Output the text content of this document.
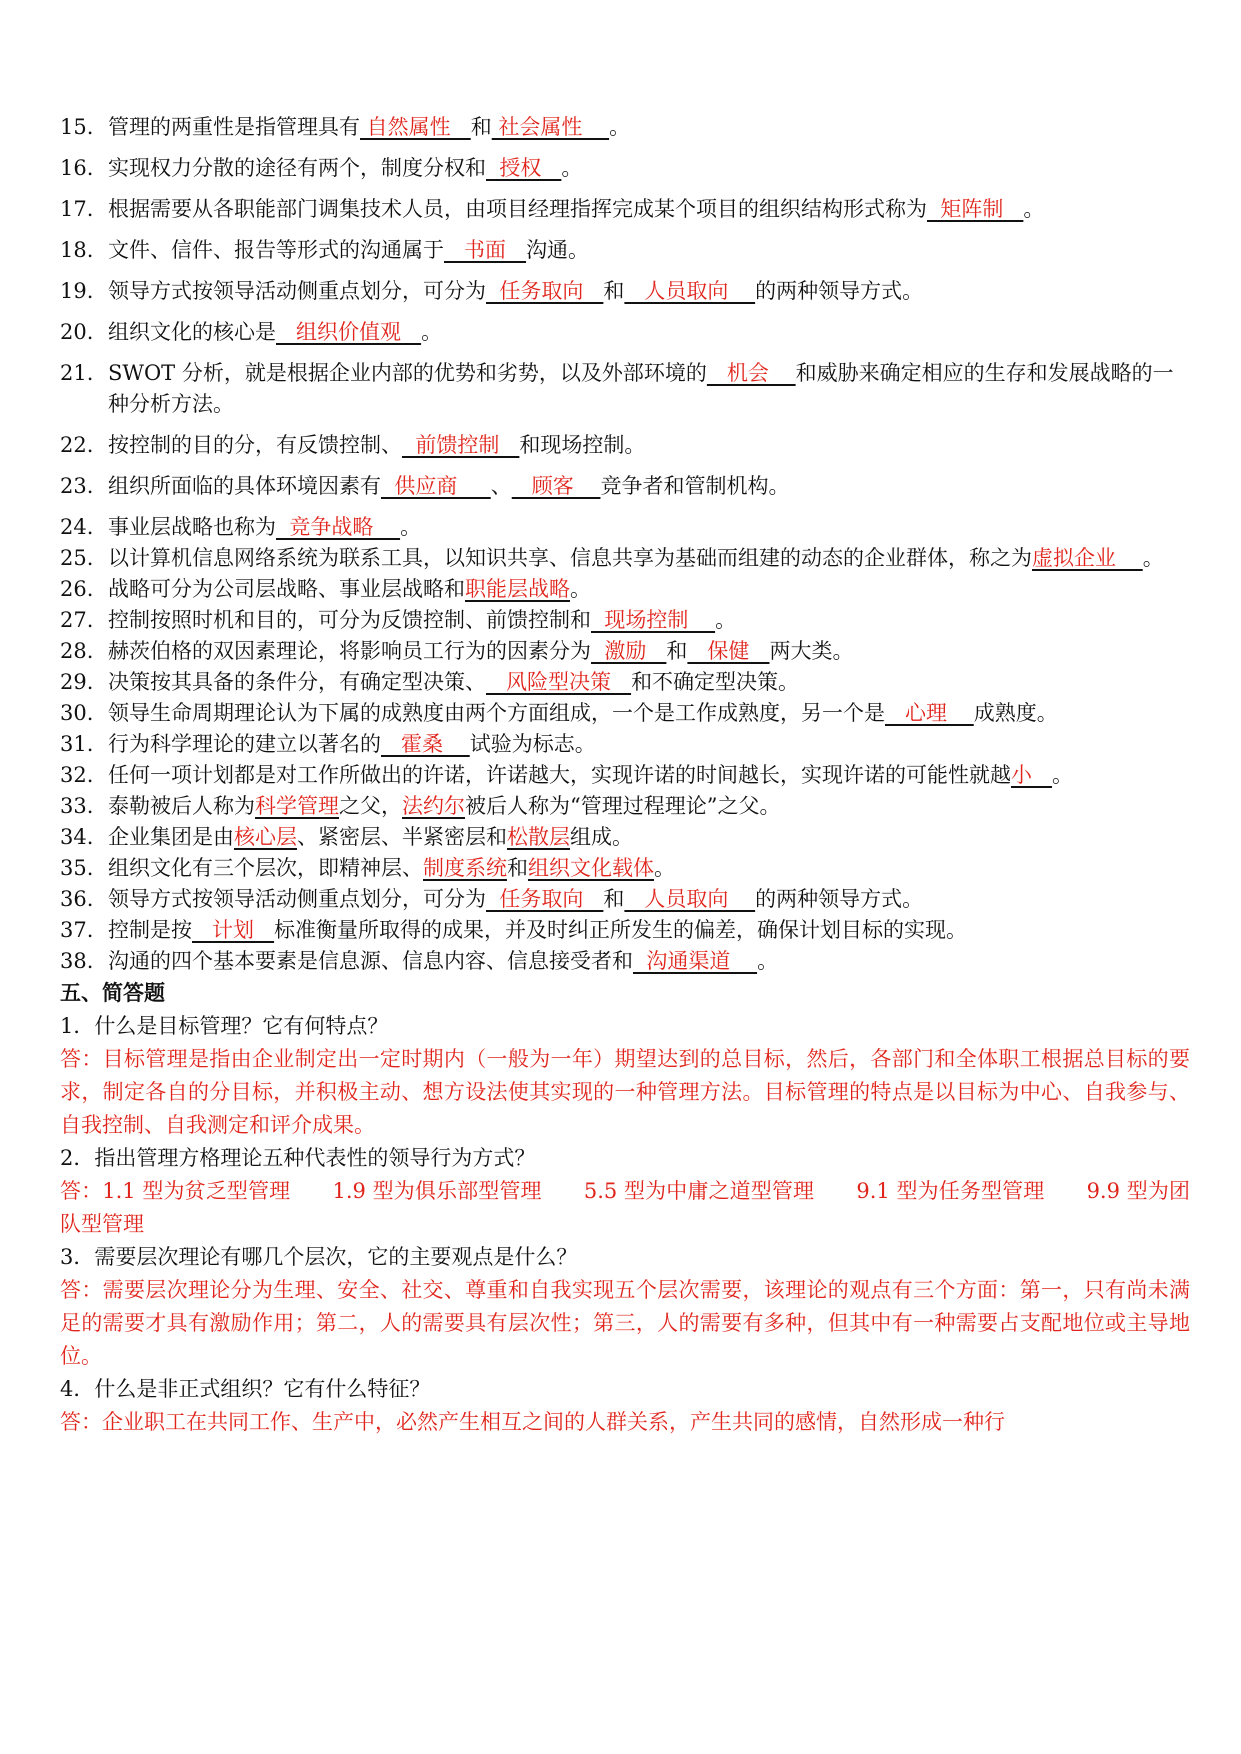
15. 管理的两重性是指管理具有 自然属性   和 社会属性    。
16. 实现权力分散的途径有两个，制度分权和  授权   。
17. 根据需要从各职能部门调集技术人员，由项目经理指挥完成某个项目的组织结构形式称为  矩阵制   。
18. 文件、信件、报告等形式的沟通属于   书面   沟通。
19. 领导方式按领导活动侧重点划分，可分为  任务取向   和   人员取向    的两种领导方式。
20. 组织文化的核心是   组织价值观   。
21. SWOT 分析，就是根据企业内部的优势和劣势，以及外部环境的   机会    和威胁来确定相应的生存和发展战略的一种分析方法。
22. 按控制的目的分，有反馈控制、  前馈控制   和现场控制。
23. 组织所面临的具体环境因素有  供应商     、   顾客    竞争者和管制机构。
24. 事业层战略也称为  竞争战略    。
25. 以计算机信息网络系统为联系工具，以知识共享、信息共享为基础而组建的动态的企业群体，称之为虚拟企业    。
26. 战略可分为公司层战略、事业层战略和职能层战略。
27. 控制按照时机和目的，可分为反馈控制、前馈控制和  现场控制    。
28. 赫茨伯格的双因素理论，将影响员工行为的因素分为  激励   和   保健   两大类。
29. 决策按其具备的条件分，有确定型决策、   风险型决策   和不确定型决策。
30. 领导生命周期理论认为下属的成熟度由两个方面组成，一个是工作成熟度，另一个是   心理    成熟度。
31. 行为科学理论的建立以著名的   霍桑    试验为标志。
32. 任何一项计划都是对工作所做出的许诺，许诺越大，实现许诺的时间越长，实现许诺的可能性就越小   。
33. 泰勒被后人称为科学管理之父，法约尔被后人称为“管理过程理论”之父。
34. 企业集团是由核心层、紧密层、半紧密层和松散层组成。
35. 组织文化有三个层次，即精神层、制度系统和组织文化载体。
36. 领导方式按领导活动侧重点划分，可分为  任务取向   和   人员取向    的两种领导方式。
37. 控制是按   计划   标准衡量所取得的成果，并及时纠正所发生的偏差，确保计划目标的实现。
38. 沟通的四个基本要素是信息源、信息内容、信息接受者和  沟通渠道    。
五、简答题
1．什么是目标管理？它有何特点？
答：目标管理是指由企业制定出一定时期内（一般为一年）期望达到的总目标，然后，各部门和全体职工根据总目标的要求，制定各自的分目标，并积极主动、想方设法使其实现的一种管理方法。目标管理的特点是以目标为中心、自我参与、自我控制、自我测定和评介成果。
2．指出管理方格理论五种代表性的领导行为方式？
答：1.1 型为贫乏型管理　　1.9 型为俱乐部型管理　　5.5 型为中庸之道型管理　　9.1 型为任务型管理　　9.9 型为团队型管理
3．需要层次理论有哪几个层次，它的主要观点是什么？
答：需要层次理论分为生理、安全、社交、尊重和自我实现五个层次需要，该理论的观点有三个方面：第一，只有尚未满足的需要才具有激励作用；第二，人的需要具有层次性；第三，人的需要有多种，但其中有一种需要占支配地位或主导地位。
4．什么是非正式组织？它有什么特征？
答：企业职工在共同工作、生产中，必然产生相互之间的人群关系，产生共同的感情，自然形成一种行
